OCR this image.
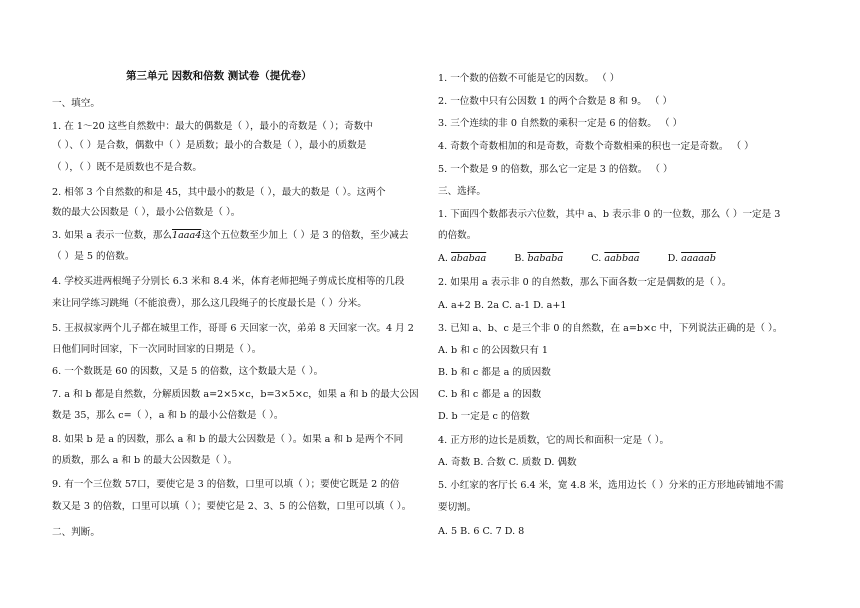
第三单元 因数和倍数 测试卷（提优卷）
一、填空。
1. 在 1～20 这些自然数中：最大的偶数是（ ），最小的奇数是（ ）；奇数中
（ ）、（ ）是合数，偶数中（ ）是质数；最小的合数是（ ），最小的质数是
（ ），（ ）既不是质数也不是合数。
2. 相邻 3 个自然数的和是 45，其中最小的数是（ ），最大的数是（ ）。这两个
数的最大公因数是（ ），最小公倍数是（ ）。
3. 如果 a 表示一位数，那么1aaa4这个五位数至少加上（ ）是 3 的倍数，至少减去
（ ）是 5 的倍数。
4. 学校买进两根绳子分别长 6.3 米和 8.4 米，体育老师把绳子剪成长度相等的几段
来让同学练习跳绳（不能浪费），那么这几段绳子的长度最长是（ ）分米。
5. 王叔叔家两个儿子都在城里工作，哥哥 6 天回家一次，弟弟 8 天回家一次。4 月 2
日他们同时回家，下一次同时回家的日期是（ ）。
6. 一个数既是 60 的因数，又是 5 的倍数，这个数最大是（ ）。
7. a 和 b 都是自然数，分解质因数 a=2×5×c，b=3×5×c，如果 a 和 b 的最大公因
数是 35，那么 c=（ ），a 和 b 的最小公倍数是（ ）。
8. 如果 b 是 a 的因数，那么 a 和 b 的最大公因数是（ ）。如果 a 和 b 是两个不同
的质数，那么 a 和 b 的最大公因数是（ ）。
9. 有一个三位数 57口，要使它是 3 的倍数，口里可以填（ ）；要使它既是 2 的倍
数又是 3 的倍数，口里可以填（ ）；要使它是 2、3、5 的公倍数，口里可以填（ ）。
二、判断。
1. 一个数的倍数不可能是它的因数。 （ ）
2. 一位数中只有公因数 1 的两个合数是 8 和 9。 （ ）
3. 三个连续的非 0 自然数的乘积一定是 6 的倍数。 （ ）
4. 奇数个奇数相加的和是奇数，奇数个奇数相乘的积也一定是奇数。 （ ）
5. 一个数是 9 的倍数，那么它一定是 3 的倍数。 （ ）
三、选择。
1. 下面四个数都表示六位数，其中 a、b 表示非 0 的一位数，那么（ ）一定是 3
的倍数。
A. ababaa	B. bababa	C. aabbaa	D. aaaaab
2. 如果用 a 表示非 0 的自然数，那么下面各数一定是偶数的是（ ）。
A. a+2 B. 2a C. a-1 D. a+1
3. 已知 a、b、c 是三个非 0 的自然数，在 a=b×c 中，下列说法正确的是（ ）。
A. b 和 c 的公因数只有 1
B. b 和 c 都是 a 的质因数
C. b 和 c 都是 a 的因数
D. b 一定是 c 的倍数
4. 正方形的边长是质数，它的周长和面积一定是（ ）。
A. 奇数 B. 合数 C. 质数 D. 偶数
5. 小红家的客厅长 6.4 米，宽 4.8 米，选用边长（ ）分米的正方形地砖铺地不需
要切割。
A. 5 B. 6 C. 7 D. 8
